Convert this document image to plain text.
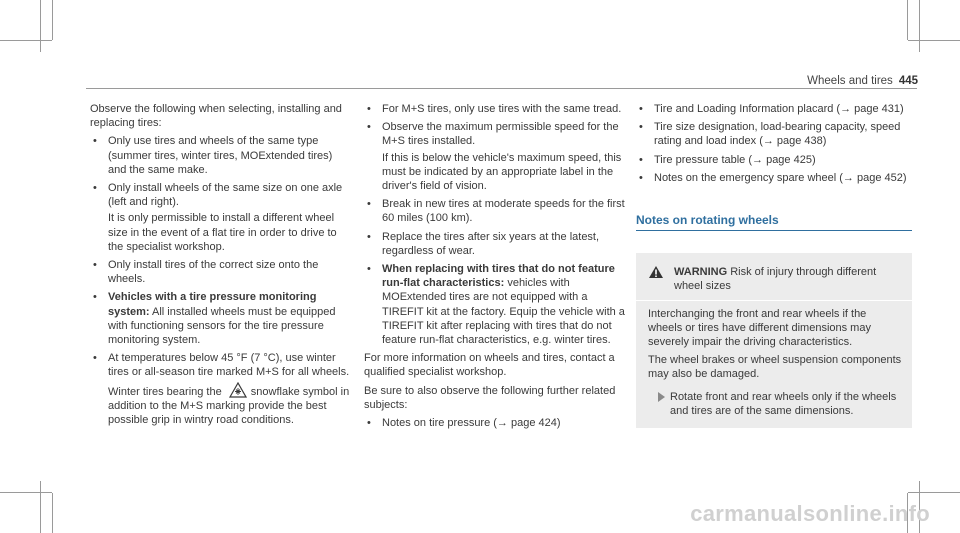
Wheels and tires 445

Observe the following when selecting, installing and replacing tires:

• Only use tires and wheels of the same type (summer tires, winter tires, MOExtended tires) and the same make.
• Only install wheels of the same size on one axle (left and right).
It is only permissible to install a different wheel size in the event of a flat tire in order to drive to the specialist workshop.
• Only install tires of the correct size onto the wheels.
• Vehicles with a tire pressure monitoring system: All installed wheels must be equipped with functioning sensors for the tire pressure monitoring system.
• At temperatures below 45 °F (7 °C), use winter tires or all-season tire marked M+S for all wheels.
Winter tires bearing the	snowflake symbol in addition to the M+S marking provide the best possible grip in wintry road conditions.
• For M+S tires, only use tires with the same tread.
• Observe the maximum permissible speed for the M+S tires installed.
If this is below the vehicle's maximum speed, this must be indicated by an appropriate label in the driver's field of vision.
• Break in new tires at moderate speeds for the first 60 miles (100 km).
• Replace the tires after six years at the latest, regardless of wear.
• When replacing with tires that do not feature run-flat characteristics: vehicles with MOExtended tires are not equipped with a TIREFIT kit at the factory. Equip the vehicle with a TIREFIT kit after replacing with tires that do not feature run-flat characteristics, e.g. winter tires.

For more information on wheels and tires, contact a qualified specialist workshop.

Be sure to also observe the following further related subjects:

• Notes on tire pressure (→ page 424)
• Tire and Loading Information placard (→ page 431)
• Tire size designation, load-bearing capacity, speed rating and load index (→ page 438)
• Tire pressure table (→ page 425)
• Notes on the emergency spare wheel (→ page 452)
Notes on rotating wheels
WARNING Risk of injury through different wheel sizes

Interchanging the front and rear wheels if the wheels or tires have different dimensions may severely impair the driving characteristics.

The wheel brakes or wheel suspension components may also be damaged.

Rotate front and rear wheels only if the wheels and tires are of the same dimensions.
carmanualsonline.info
